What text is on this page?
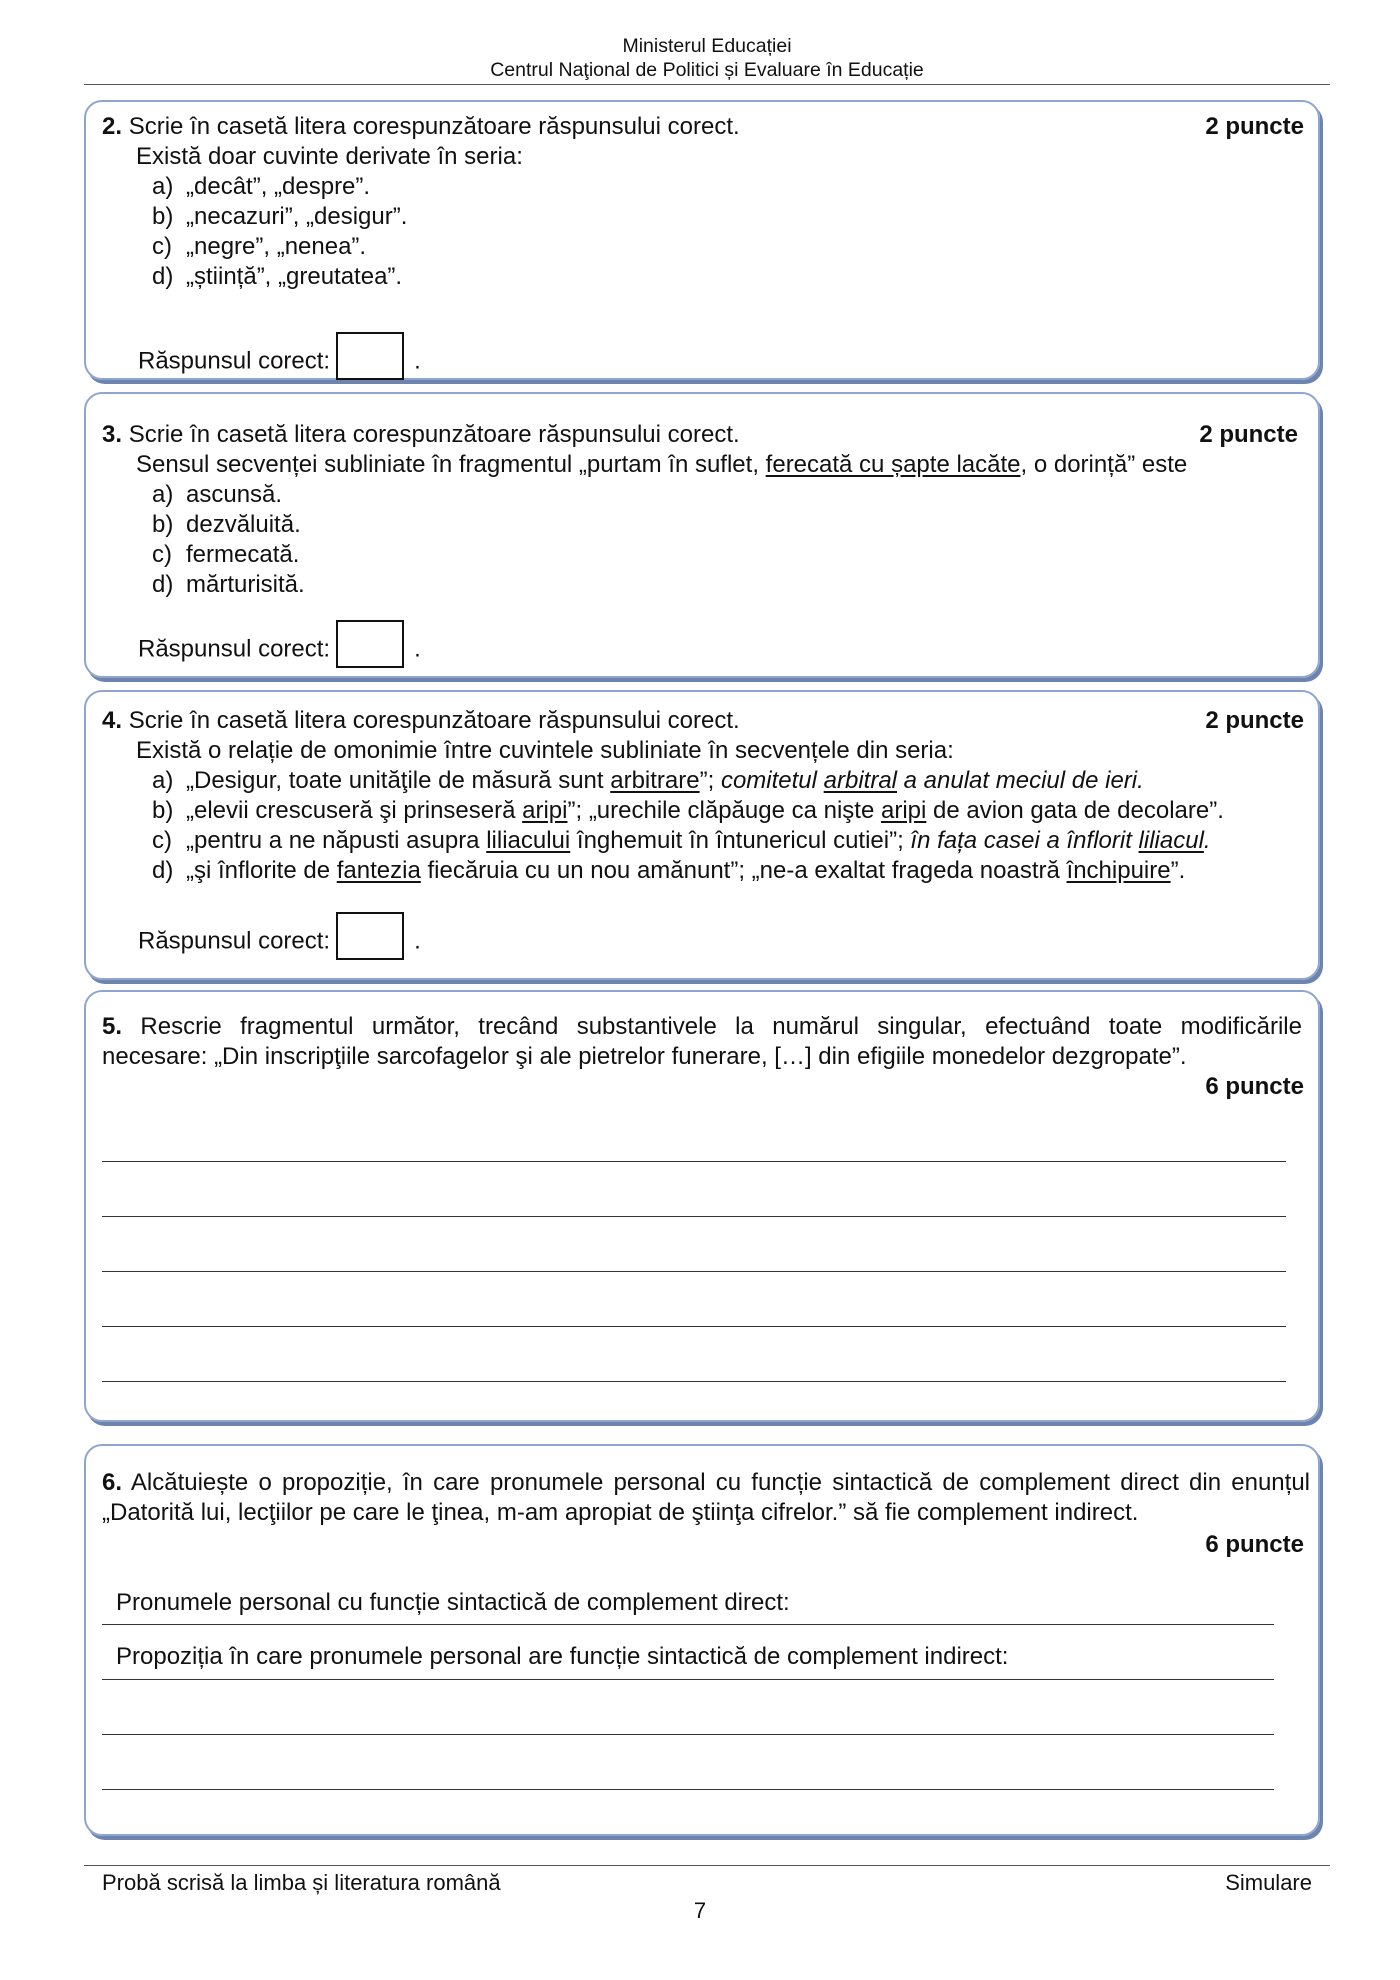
Ministerul Educației
Centrul Naţional de Politici și Evaluare în Educație
2. Scrie în casetă litera corespunzătoare răspunsului corect.	2 puncte
Există doar cuvinte derivate în seria:
a) „decât”, „despre”.
b) „necazuri”, „desigur”.
c) „negre”, „nenea”.
d) „știință”, „greutatea”.
Răspunsul corect:	.
3. Scrie în casetă litera corespunzătoare răspunsului corect.	2 puncte
Sensul secvenței subliniate în fragmentul „purtam în suflet, ferecată cu șapte lacăte, o dorință” este
a) ascunsă.
b) dezvăluită.
c) fermecată.
d) mărturisită.
Răspunsul corect:	.
4. Scrie în casetă litera corespunzătoare răspunsului corect.	2 puncte
Există o relație de omonimie între cuvintele subliniate în secvențele din seria:
a) „Desigur, toate unităţile de măsură sunt arbitrare”; comitetul arbitral a anulat meciul de ieri.
b) „elevii crescuseră şi prinseseră aripi”; „urechile clăpăuge ca nişte aripi de avion gata de decolare”.
c) „pentru a ne năpusti asupra liliacului înghemuit în întunericul cutiei”; în fața casei a înflorit liliacul.
d) „şi înflorite de fantezia fiecăruia cu un nou amănunt”; „ne-a exaltat frageda noastră închipuire”.
Răspunsul corect:	.
5. Rescrie fragmentul următor, trecând substantivele la numărul singular, efectuând toate modificările
necesare: „Din inscripţiile sarcofagelor şi ale pietrelor funerare, […] din efigiile monedelor dezgropate”.
6 puncte
6. Alcătuiește o propoziție, în care pronumele personal cu funcție sintactică de complement direct din enunțul
„Datorită lui, lecţiilor pe care le ţinea, m-am apropiat de ştiinţa cifrelor.” să fie complement indirect.
6 puncte
Pronumele personal cu funcție sintactică de complement direct:
Propoziția în care pronumele personal are funcție sintactică de complement indirect:
Probă scrisă la limba și literatura română	Simulare
7
